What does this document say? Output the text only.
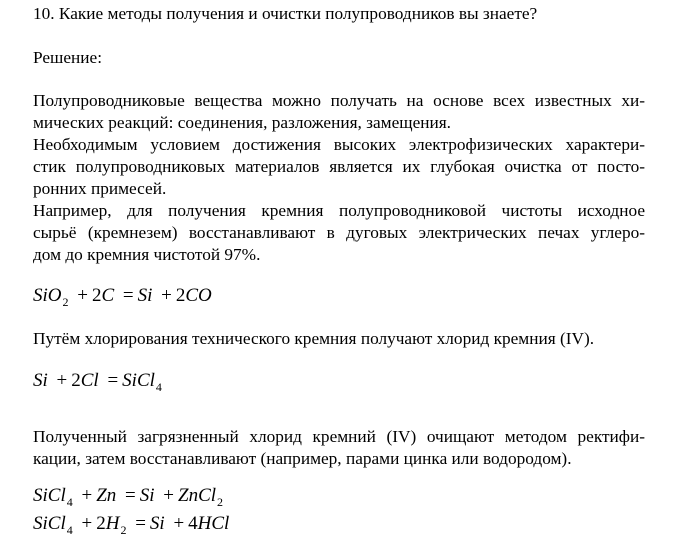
10. Какие методы получения и очистки полупроводников вы знаете?
Решение:
Полупроводниковые вещества можно получать на основе всех известных хи-
мических реакций: соединения, разложения, замещения.
Необходимым условием достижения высоких электрофизических характери-
стик полупроводниковых материалов является их глубокая очистка от посто-
ронних примесей.
Например, для получения кремния полупроводниковой чистоты исходное
сырьё (кремнезем) восстанавливают в дуговых электрических печах углеро-
дом до кремния чистотой 97%.
SiO$_2$ + 2C = Si + 2CO
Путём хлорирования технического кремния получают хлорид кремния (IV).
Si + 2Cl = SiCl$_4$
Полученный загрязненный хлорид кремний (IV) очищают методом ректифи-
кации, затем восстанавливают (например, парами цинка или водородом).
SiCl$_4$ + Zn = Si + ZnCl$_2$
SiCl$_4$ + $2H_2 = Si + 4HCl$
